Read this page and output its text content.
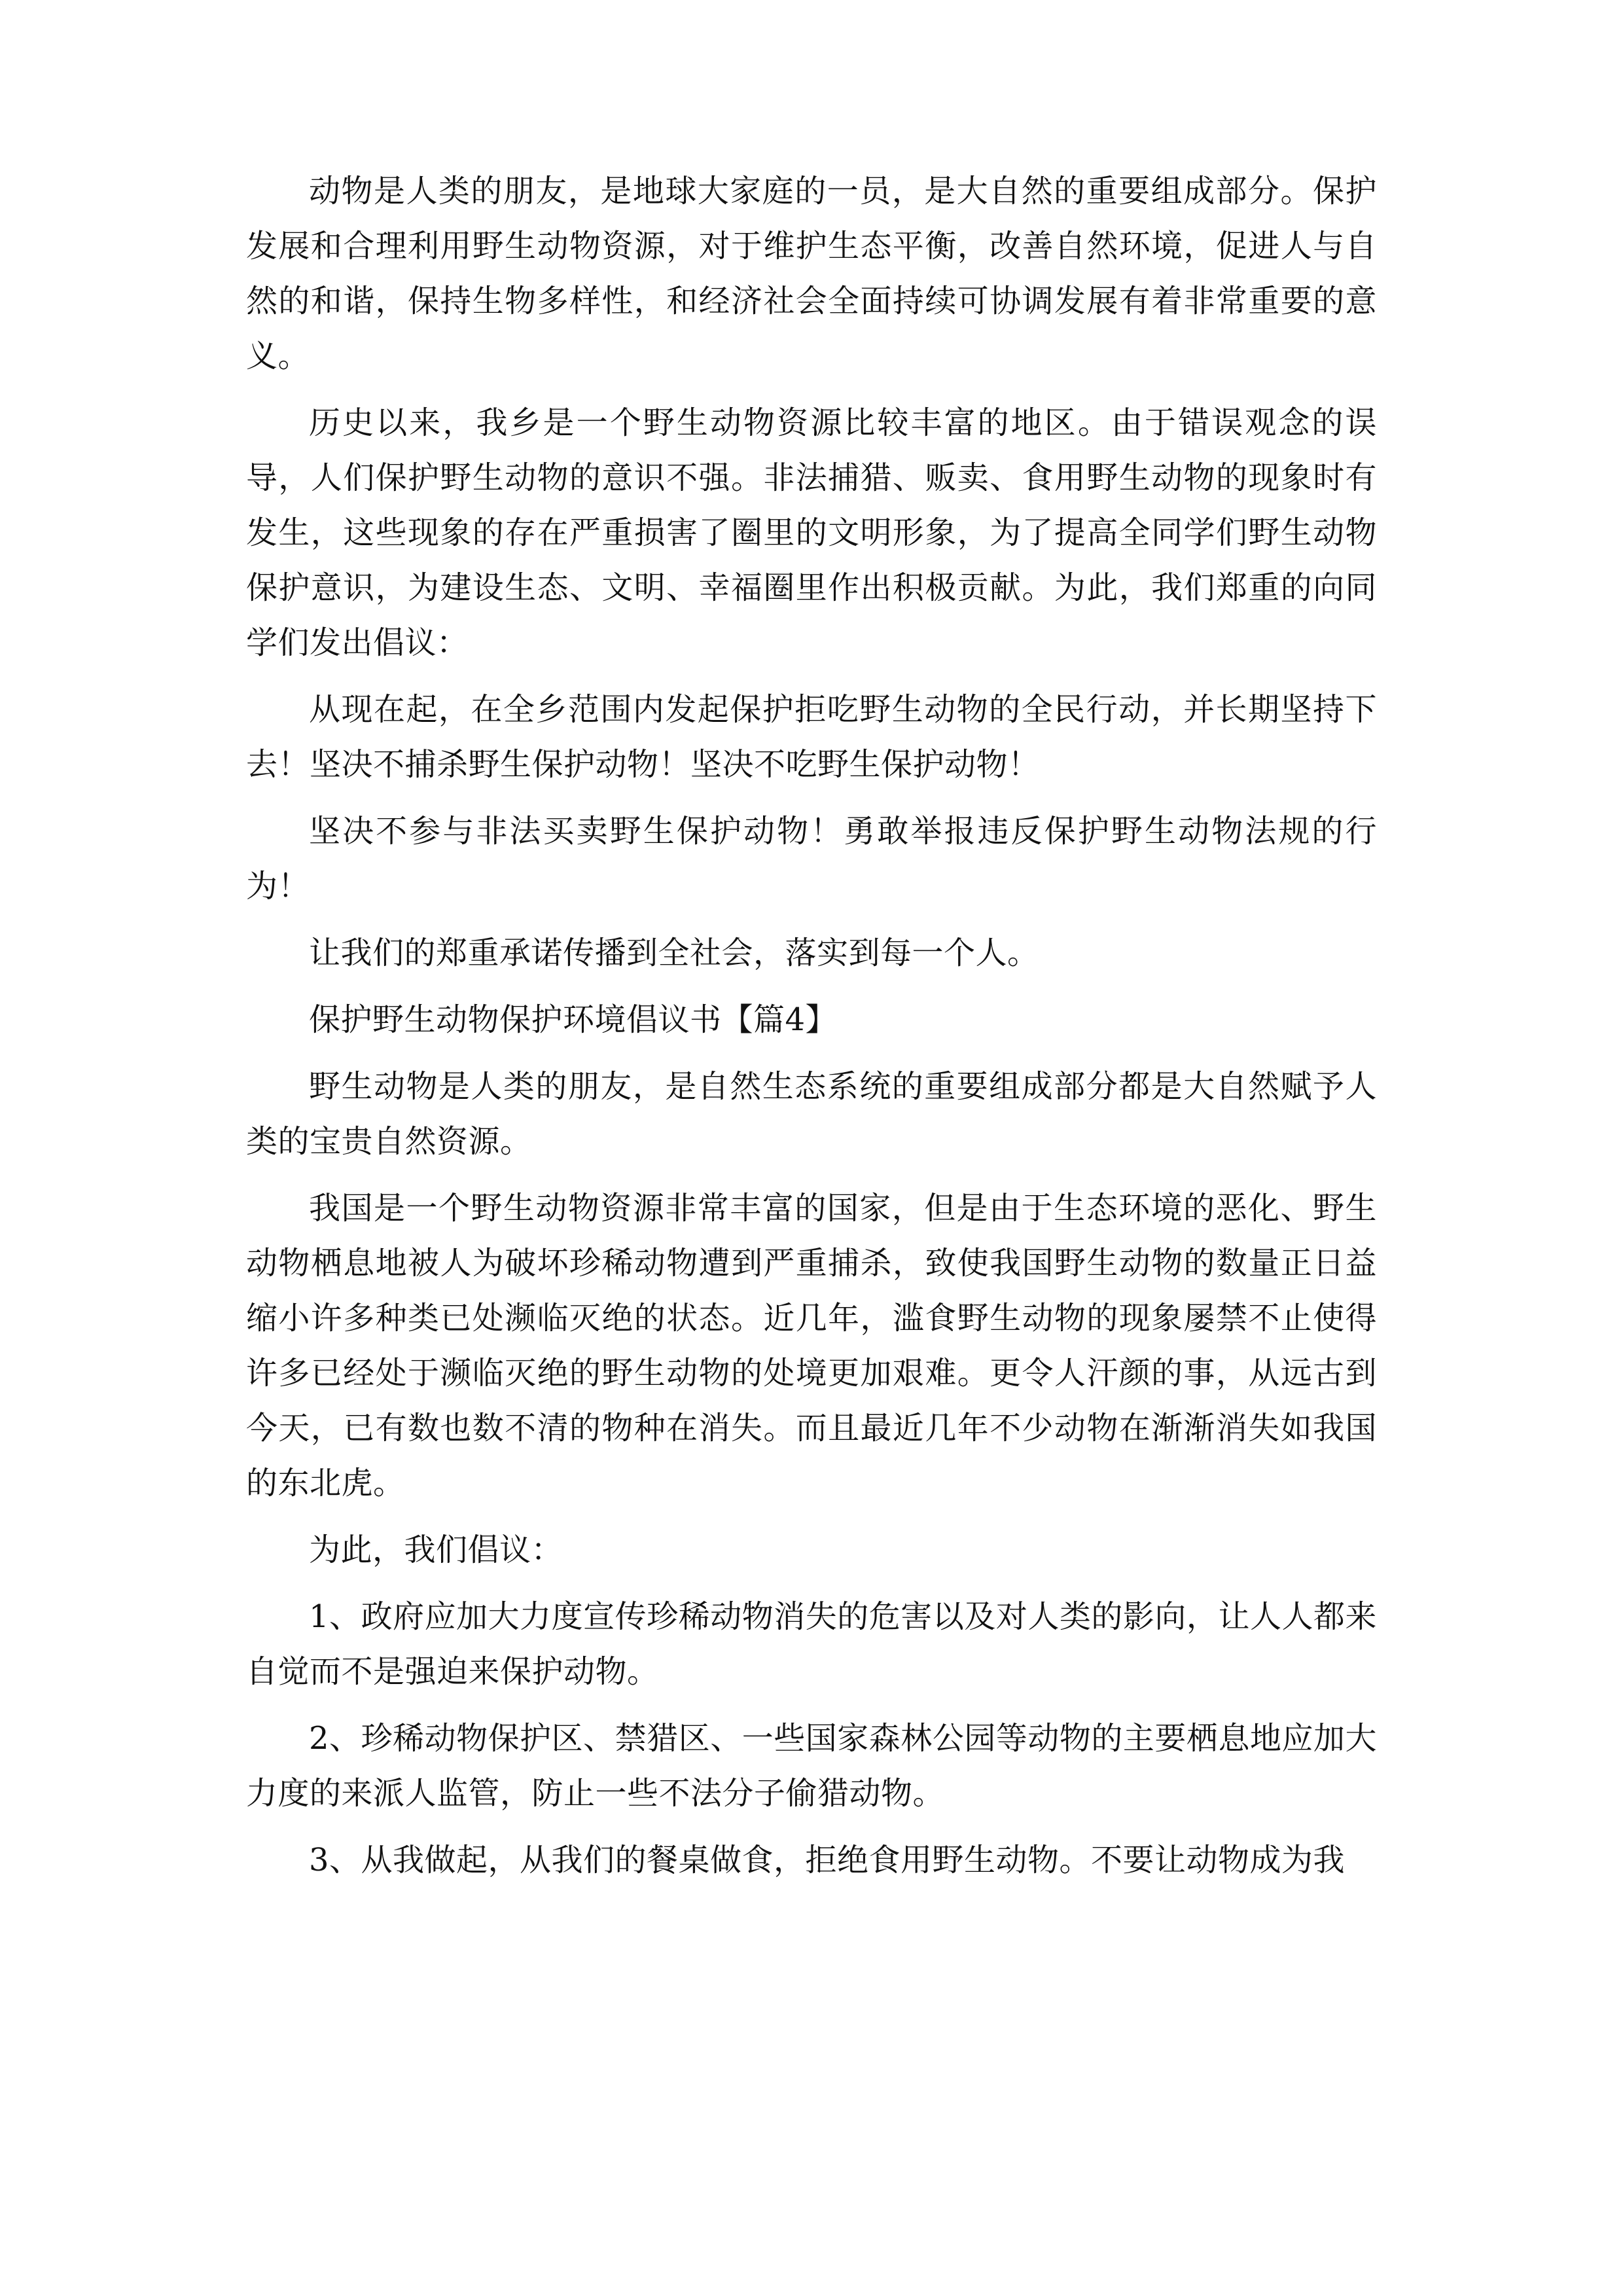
动物是人类的朋友，是地球大家庭的一员，是大自然的重要组成部分。保护发展和合理利用野生动物资源，对于维护生态平衡，改善自然环境，促进人与自然的和谐，保持生物多样性，和经济社会全面持续可协调发展有着非常重要的意义。

历史以来，我乡是一个野生动物资源比较丰富的地区。由于错误观念的误导，人们保护野生动物的意识不强。非法捕猎、贩卖、食用野生动物的现象时有发生，这些现象的存在严重损害了圈里的文明形象，为了提高全同学们野生动物保护意识，为建设生态、文明、幸福圈里作出积极贡献。为此，我们郑重的向同学们发出倡议：

从现在起，在全乡范围内发起保护拒吃野生动物的全民行动，并长期坚持下去！坚决不捕杀野生保护动物！坚决不吃野生保护动物！

坚决不参与非法买卖野生保护动物！勇敢举报违反保护野生动物法规的行为！

让我们的郑重承诺传播到全社会，落实到每一个人。

保护野生动物保护环境倡议书【篇4】

野生动物是人类的朋友，是自然生态系统的重要组成部分都是大自然赋予人类的宝贵自然资源。

我国是一个野生动物资源非常丰富的国家，但是由于生态环境的恶化、野生动物栖息地被人为破坏珍稀动物遭到严重捕杀，致使我国野生动物的数量正日益缩小许多种类已处濒临灭绝的状态。近几年，滥食野生动物的现象屡禁不止使得许多已经处于濒临灭绝的野生动物的处境更加艰难。更令人汗颜的事，从远古到今天，已有数也数不清的物种在消失。而且最近几年不少动物在渐渐消失如我国的东北虎。

为此，我们倡议：

1、政府应加大力度宣传珍稀动物消失的危害以及对人类的影向，让人人都来自觉而不是强迫来保护动物。

2、珍稀动物保护区、禁猎区、一些国家森林公园等动物的主要栖息地应加大力度的来派人监管，防止一些不法分子偷猎动物。

3、从我做起，从我们的餐桌做食，拒绝食用野生动物。不要让动物成为我
